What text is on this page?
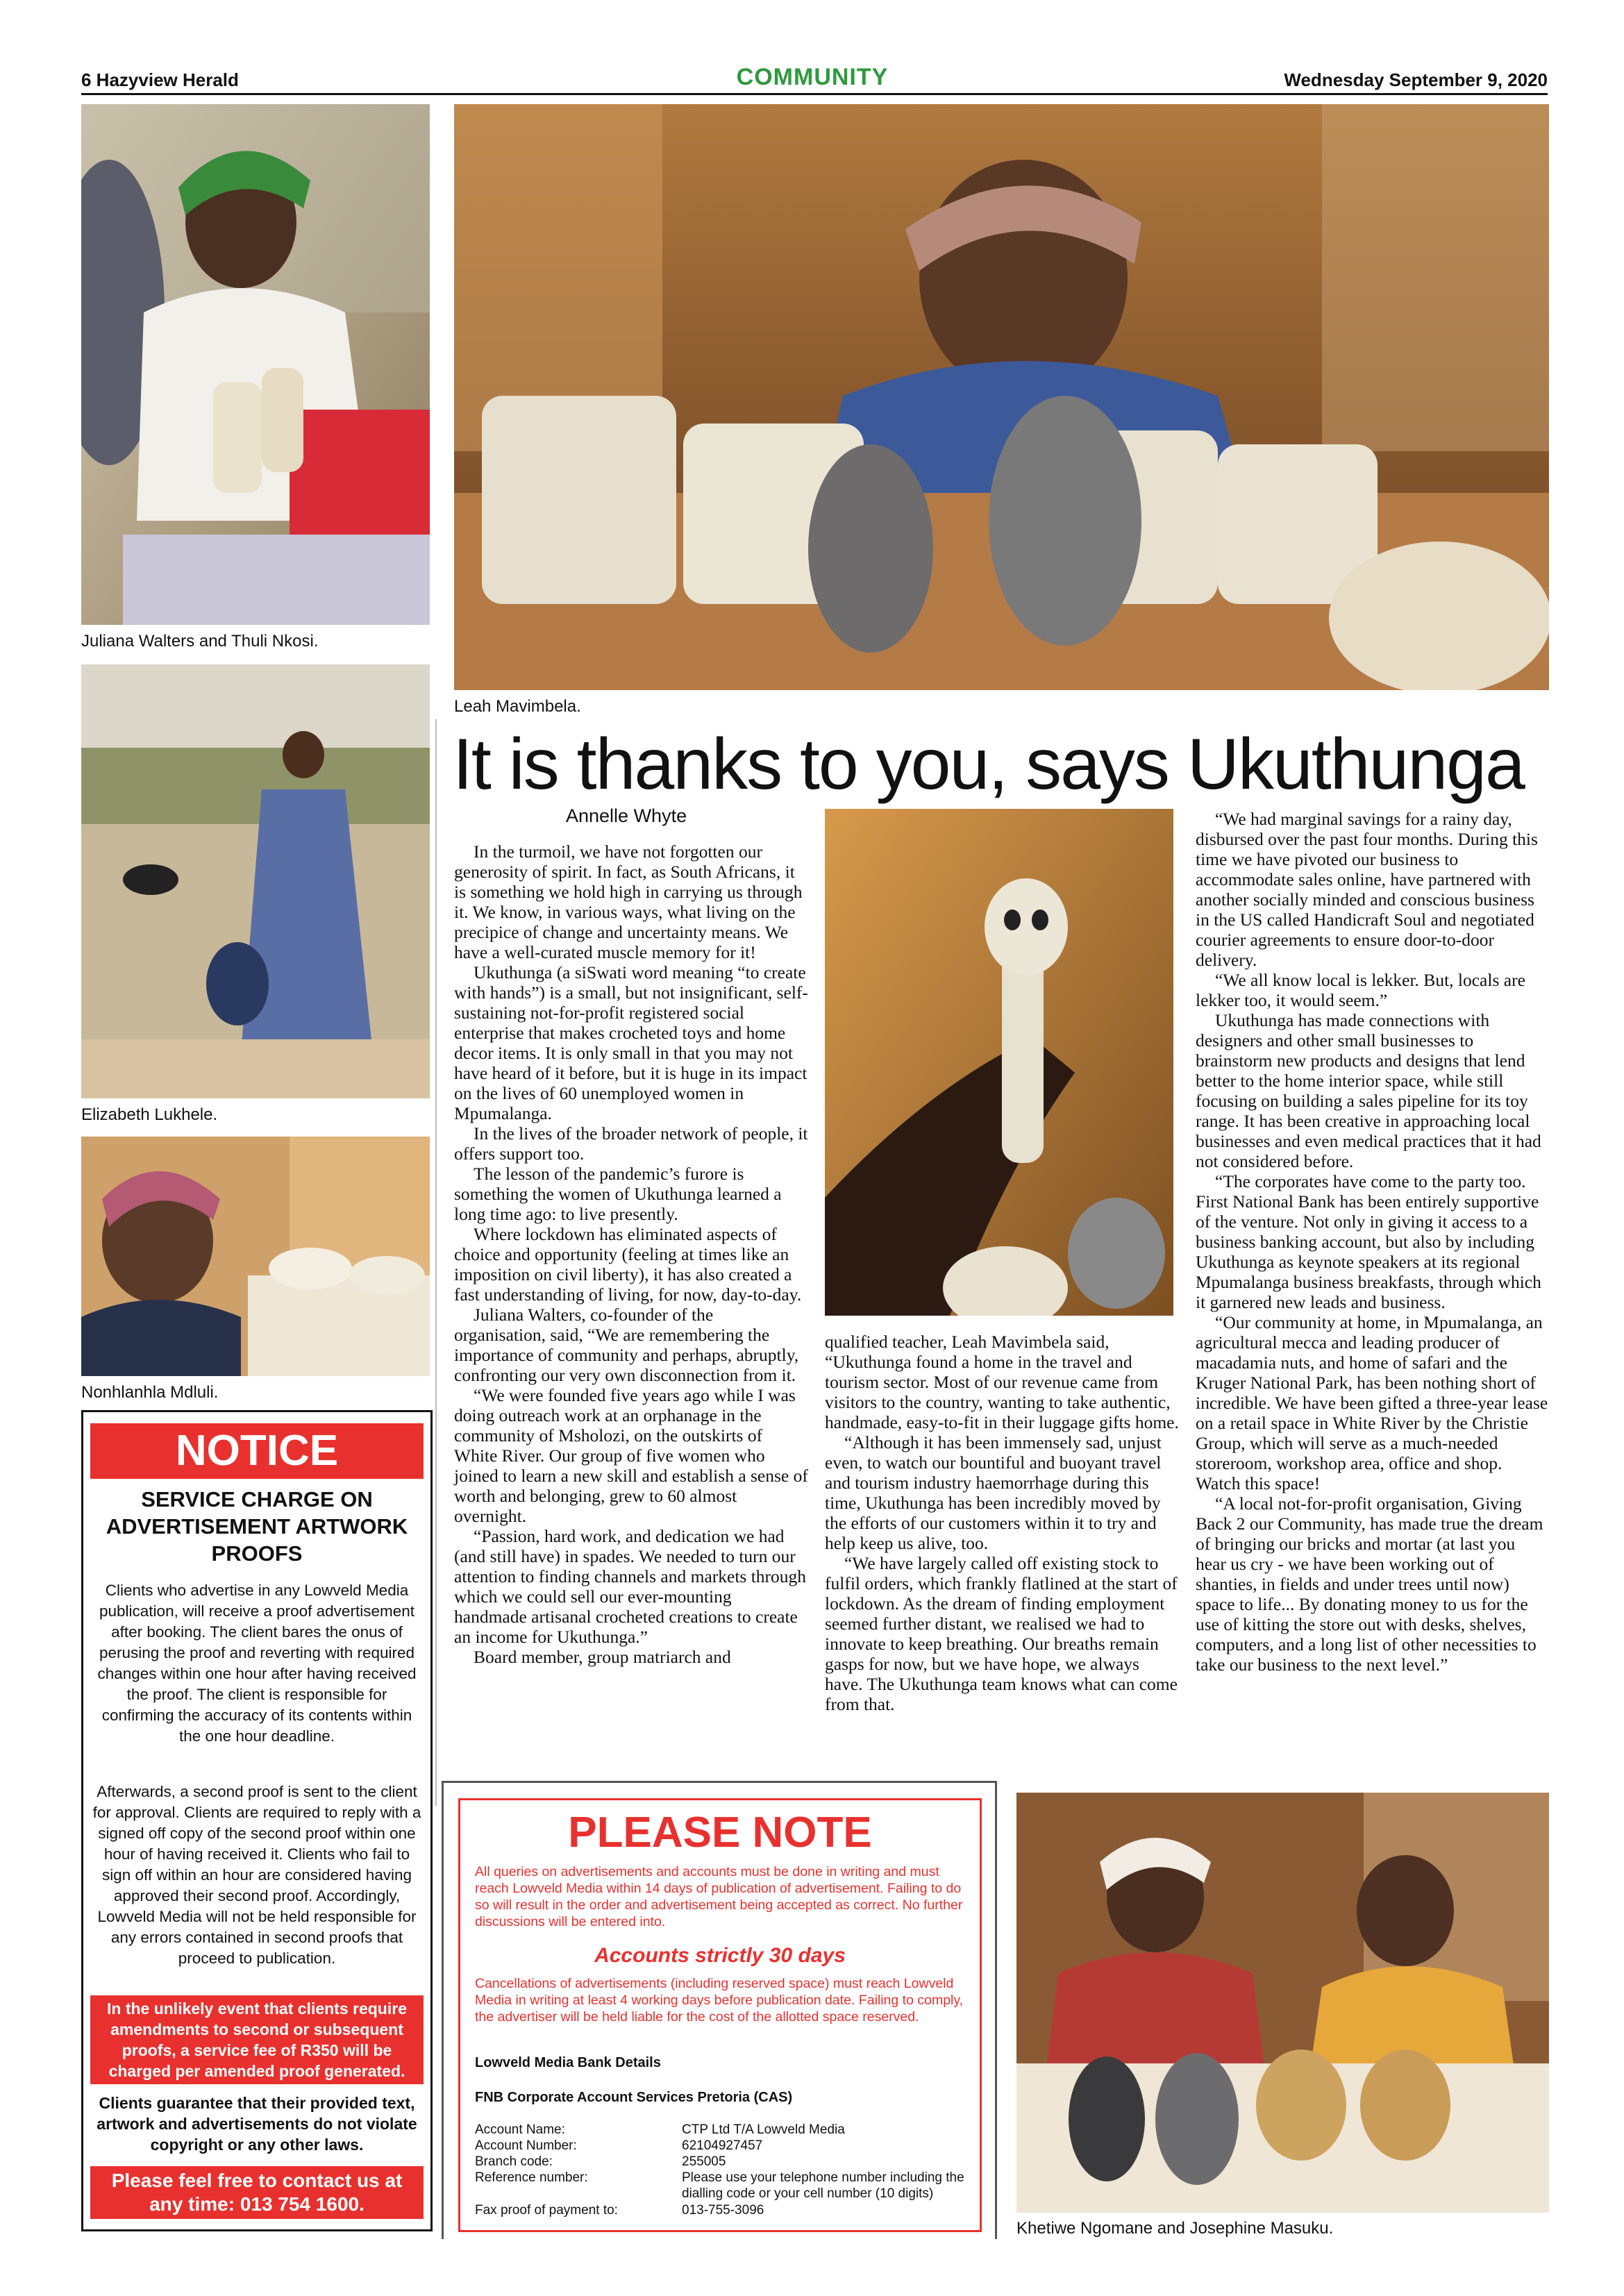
6 Hazyview Herald	COMMUNITY	Wednesday September 9, 2020
Juliana Walters and Thuli Nkosi.
Leah Mavimbela.
Elizabeth Lukhele.
Nonhlanhla Mdluli.
It is thanks to you, says Ukuthunga
Annelle Whyte

In the turmoil, we have not forgotten our generosity of spirit. In fact, as South Africans, it is something we hold high in carrying us through it. We know, in various ways, what living on the precipice of change and uncertainty means. We have a well-curated muscle memory for it!

Ukuthunga (a siSwati word meaning “to create with hands”) is a small, but not insignificant, self-sustaining not-for-profit registered social enterprise that makes crocheted toys and home decor items. It is only small in that you may not have heard of it before, but it is huge in its impact on the lives of 60 unemployed women in Mpumalanga.

In the lives of the broader network of people, it offers support too.

The lesson of the pandemic’s furore is something the women of Ukuthunga learned a long time ago: to live presently.

Where lockdown has eliminated aspects of choice and opportunity (feeling at times like an imposition on civil liberty), it has also created a fast understanding of living, for now, day-to-day.

Juliana Walters, co-founder of the organisation, said, “We are remembering the importance of community and perhaps, abruptly, confronting our very own disconnection from it.

“We were founded five years ago while I was doing outreach work at an orphanage in the community of Msholozi, on the outskirts of White River. Our group of five women who joined to learn a new skill and establish a sense of worth and belonging, grew to 60 almost overnight.

“Passion, hard work, and dedication we had (and still have) in spades. We needed to turn our attention to finding channels and markets through which we could sell our ever-mounting handmade artisanal crocheted creations to create an income for Ukuthunga.”

Board member, group matriarch and

qualified teacher, Leah Mavimbela said, “Ukuthunga found a home in the travel and tourism sector. Most of our revenue came from visitors to the country, wanting to take authentic, handmade, easy-to-fit in their luggage gifts home.

“Although it has been immensely sad, unjust even, to watch our bountiful and buoyant travel and tourism industry haemorrhage during this time, Ukuthunga has been incredibly moved by the efforts of our customers within it to try and help keep us alive, too.

“We have largely called off existing stock to fulfil orders, which frankly flatlined at the start of lockdown. As the dream of finding employment seemed further distant, we realised we had to innovate to keep breathing. Our breaths remain gasps for now, but we have hope, we always have. The Ukuthunga team knows what can come from that.

“We had marginal savings for a rainy day, disbursed over the past four months. During this time we have pivoted our business to accommodate sales online, have partnered with another socially minded and conscious business in the US called Handicraft Soul and negotiated courier agreements to ensure door-to-door delivery.

“We all know local is lekker. But, locals are lekker too, it would seem.”

Ukuthunga has made connections with designers and other small businesses to brainstorm new products and designs that lend better to the home interior space, while still focusing on building a sales pipeline for its toy range. It has been creative in approaching local businesses and even medical practices that it had not considered before.

“The corporates have come to the party too. First National Bank has been entirely supportive of the venture. Not only in giving it access to a business banking account, but also by including Ukuthunga as keynote speakers at its regional Mpumalanga business breakfasts, through which it garnered new leads and business.

“Our community at home, in Mpumalanga, an agricultural mecca and leading producer of macadamia nuts, and home of safari and the Kruger National Park, has been nothing short of incredible. We have been gifted a three-year lease on a retail space in White River by the Christie Group, which will serve as a much-needed storeroom, workshop area, office and shop. Watch this space!

“A local not-for-profit organisation, Giving Back 2 our Community, has made true the dream of bringing our bricks and mortar (at last you hear us cry - we have been working out of shanties, in fields and under trees until now) space to life... By donating money to us for the use of kitting the store out with desks, shelves, computers, and a long list of other necessities to take our business to the next level.”

NOTICE
SERVICE CHARGE ON ADVERTISEMENT ARTWORK PROOFS
Clients who advertise in any Lowveld Media publication, will receive a proof advertisement after booking. The client bares the onus of perusing the proof and reverting with required changes within one hour after having received the proof. The client is responsible for confirming the accuracy of its contents within the one hour deadline.
Afterwards, a second proof is sent to the client for approval. Clients are required to reply with a signed off copy of the second proof within one hour of having received it. Clients who fail to sign off within an hour are considered having approved their second proof. Accordingly, Lowveld Media will not be held responsible for any errors contained in second proofs that proceed to publication.
In the unlikely event that clients require amendments to second or subsequent proofs, a service fee of R350 will be charged per amended proof generated.
Clients guarantee that their provided text, artwork and advertisements do not violate copyright or any other laws.
Please feel free to contact us at any time: 013 754 1600.
PLEASE NOTE
All queries on advertisements and accounts must be done in writing and must reach Lowveld Media within 14 days of publication of advertisement. Failing to do so will result in the order and advertisement being accepted as correct. No further discussions will be entered into.
Accounts strictly 30 days
Cancellations of advertisements (including reserved space) must reach Lowveld Media in writing at least 4 working days before publication date. Failing to comply, the advertiser will be held liable for the cost of the allotted space reserved.
Lowveld Media Bank Details
FNB Corporate Account Services Pretoria (CAS)
Account Name:	CTP Ltd T/A Lowveld Media
Account Number:	62104927457
Branch code:	255005
Reference number:	Please use your telephone number including the dialling code or your cell number (10 digits)
Fax proof of payment to:	013-755-3096
Khetiwe Ngomane and Josephine Masuku.
